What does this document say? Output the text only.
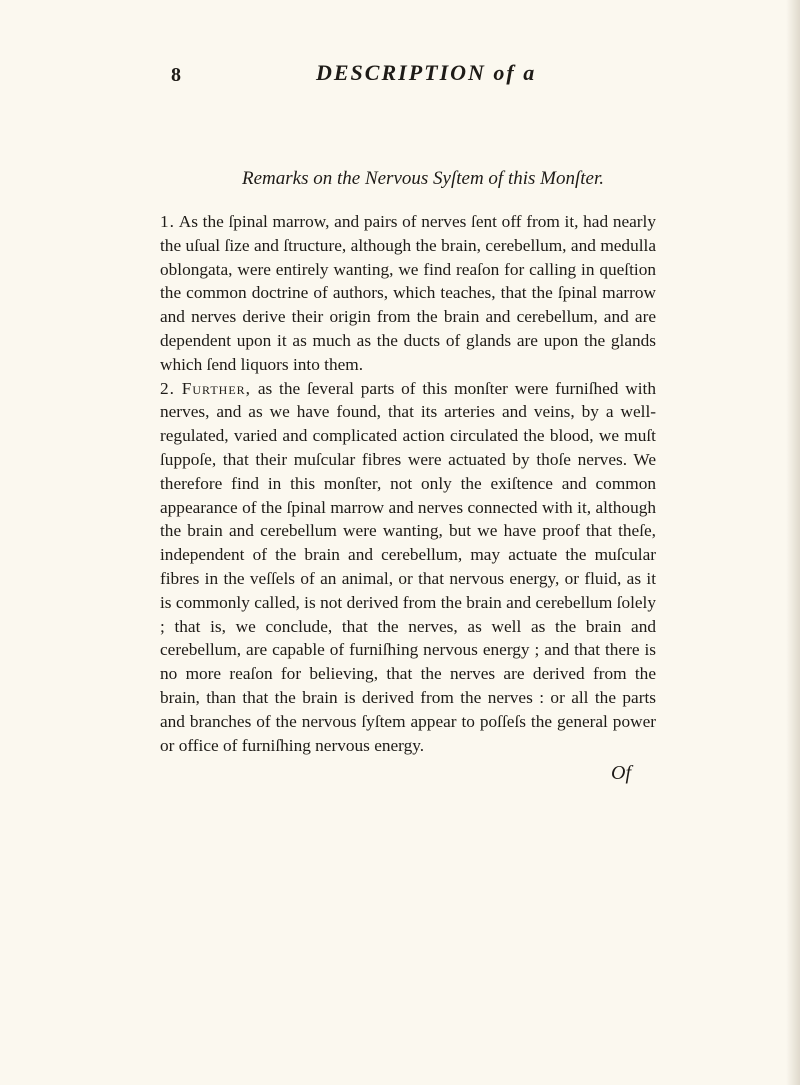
8	DESCRIPTION of a
Remarks on the Nervous Syſtem of this Monſter.

1. As the ſpinal marrow, and pairs of nerves ſent off from it, had nearly the uſual ſize and ſtructure, although the brain, cerebellum, and medulla oblongata, were entirely wanting, we find reaſon for calling in queſtion the common doctrine of authors, which teaches, that the ſpinal marrow and nerves derive their origin from the brain and cerebellum, and are dependent upon it as much as the ducts of glands are upon the glands which ſend liquors into them.

2. Further, as the ſeveral parts of this monſter were furniſhed with nerves, and as we have found, that its arteries and veins, by a well-regulated, varied and complicated action circulated the blood, we muſt ſuppoſe, that their muſcular fibres were actuated by thoſe nerves. We therefore find in this monſter, not only the exiſtence and common appearance of the ſpinal marrow and nerves connected with it, although the brain and cerebellum were wanting, but we have proof that theſe, independent of the brain and cerebellum, may actuate the muſcular fibres in the veſſels of an animal, or that nervous energy, or fluid, as it is commonly called, is not derived from the brain and cerebellum ſolely ; that is, we conclude, that the nerves, as well as the brain and cerebellum, are capable of furniſhing nervous energy ; and that there is no more reaſon for believing, that the nerves are derived from the brain, than that the brain is derived from the nerves : or all the parts and branches of the nervous ſyſtem appear to poſſeſs the general power or office of furniſhing nervous energy.

Of
